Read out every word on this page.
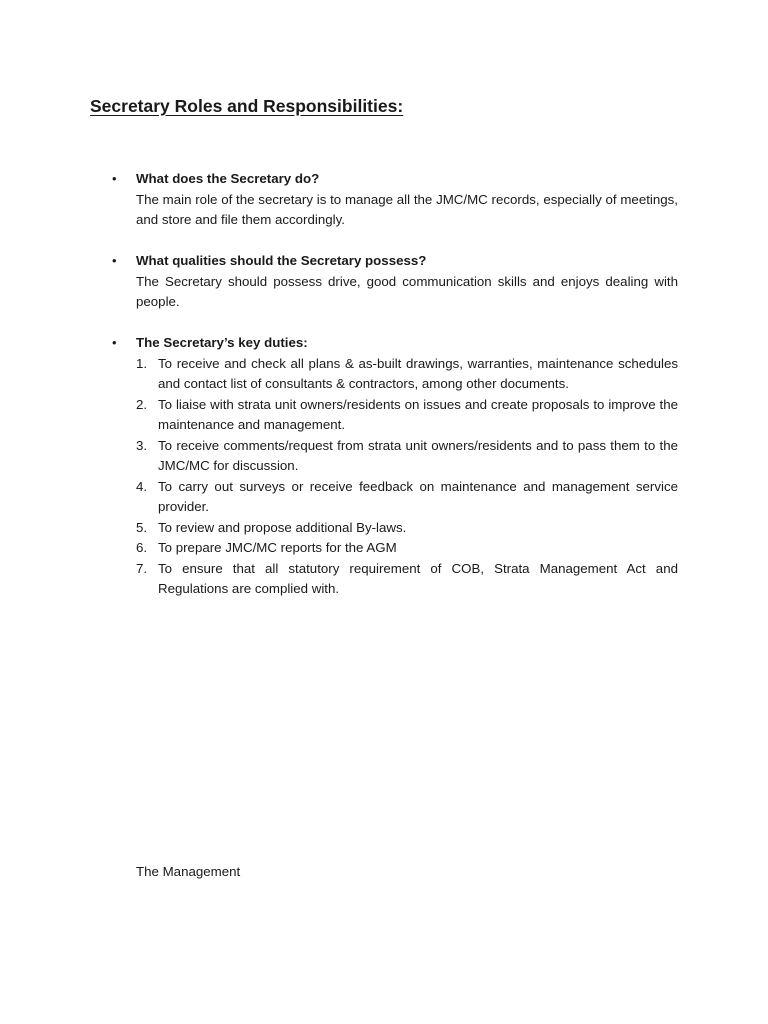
Secretary Roles and Responsibilities:
• What does the Secretary do?
The main role of the secretary is to manage all the JMC/MC records, especially of meetings, and store and file them accordingly.
• What qualities should the Secretary possess?
The Secretary should possess drive, good communication skills and enjoys dealing with people.
• The Secretary’s key duties:
1. To receive and check all plans & as-built drawings, warranties, maintenance schedules and contact list of consultants & contractors, among other documents.
2. To liaise with strata unit owners/residents on issues and create proposals to improve the maintenance and management.
3. To receive comments/request from strata unit owners/residents and to pass them to the JMC/MC for discussion.
4. To carry out surveys or receive feedback on maintenance and management service provider.
5. To review and propose additional By-laws.
6. To prepare JMC/MC reports for the AGM
7. To ensure that all statutory requirement of COB, Strata Management Act and Regulations are complied with.
The Management
